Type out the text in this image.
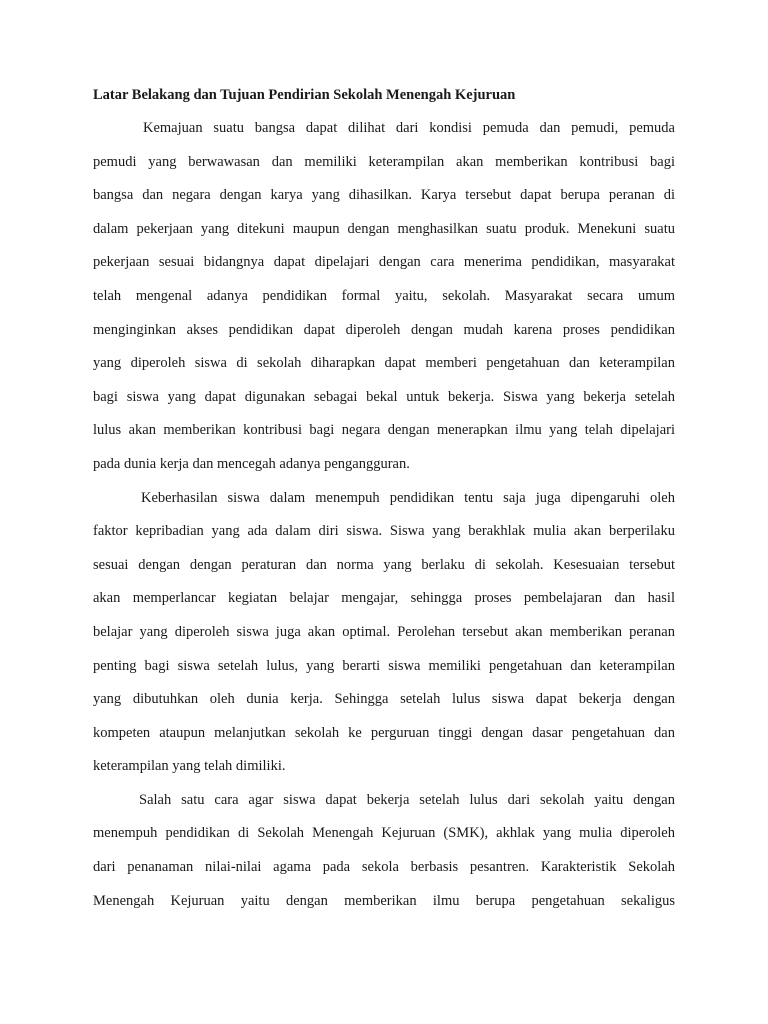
Latar Belakang dan Tujuan Pendirian Sekolah Menengah Kejuruan
Kemajuan suatu bangsa dapat dilihat dari kondisi pemuda dan pemudi, pemuda
pemudi yang berwawasan dan memiliki keterampilan akan memberikan kontribusi bagi
bangsa dan negara dengan karya yang dihasilkan. Karya tersebut dapat berupa peranan di
dalam pekerjaan yang ditekuni maupun dengan menghasilkan suatu produk. Menekuni suatu
pekerjaan sesuai bidangnya dapat dipelajari dengan cara menerima pendidikan, masyarakat
telah mengenal adanya pendidikan formal yaitu, sekolah. Masyarakat secara umum
menginginkan akses pendidikan dapat diperoleh dengan mudah karena proses pendidikan
yang diperoleh siswa di sekolah diharapkan dapat memberi pengetahuan dan keterampilan
bagi siswa yang dapat digunakan sebagai bekal untuk bekerja. Siswa yang bekerja setelah
lulus akan memberikan kontribusi bagi negara dengan menerapkan ilmu yang telah dipelajari
pada dunia kerja dan mencegah adanya pengangguran.
Keberhasilan siswa dalam menempuh pendidikan tentu saja juga dipengaruhi oleh
faktor kepribadian yang ada dalam diri siswa. Siswa yang berakhlak mulia akan berperilaku
sesuai dengan dengan peraturan dan norma yang berlaku di sekolah. Kesesuaian tersebut
akan memperlancar kegiatan belajar mengajar, sehingga proses pembelajaran dan hasil
belajar yang diperoleh siswa juga akan optimal. Perolehan tersebut akan memberikan peranan
penting bagi siswa setelah lulus, yang berarti siswa memiliki pengetahuan dan keterampilan
yang dibutuhkan oleh dunia kerja. Sehingga setelah lulus siswa dapat bekerja dengan
kompeten ataupun melanjutkan sekolah ke perguruan tinggi dengan dasar pengetahuan dan
keterampilan yang telah dimiliki.
Salah satu cara agar siswa dapat bekerja setelah lulus dari sekolah yaitu dengan
menempuh pendidikan di Sekolah Menengah Kejuruan (SMK), akhlak yang mulia diperoleh
dari penanaman nilai-nilai agama pada sekola berbasis pesantren. Karakteristik Sekolah
Menengah Kejuruan yaitu dengan memberikan ilmu berupa pengetahuan sekaligus
